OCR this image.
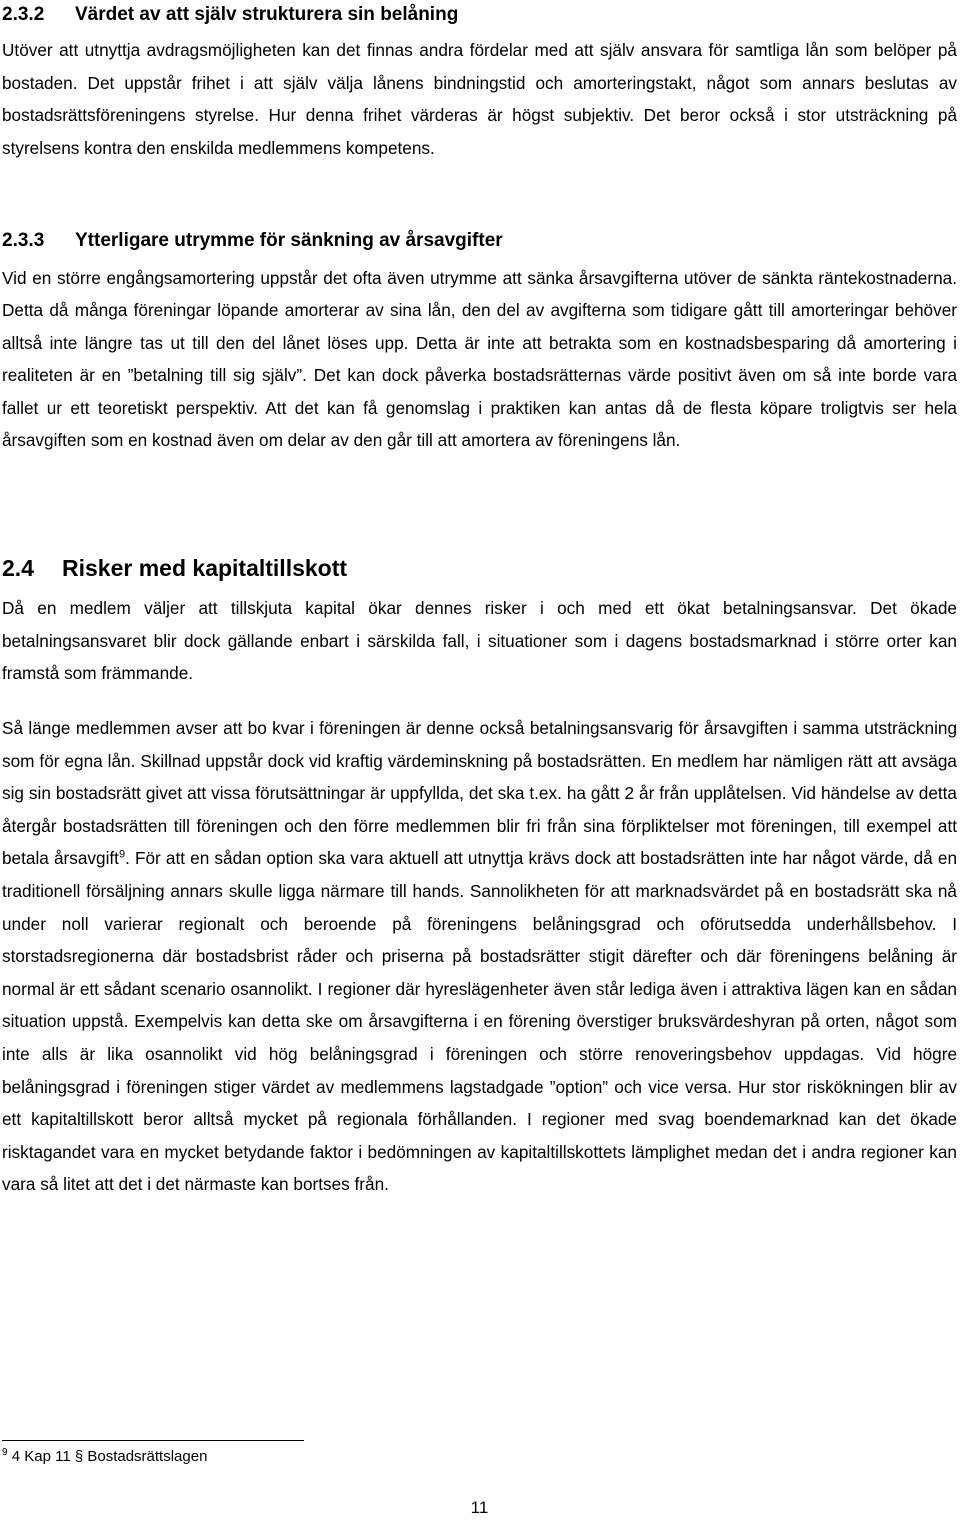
2.3.2 Värdet av att själv strukturera sin belåning

Utöver att utnyttja avdragsmöjligheten kan det finnas andra fördelar med att själv ansvara för samtliga lån som belöper på bostaden. Det uppstår frihet i att själv välja lånens bindningstid och amorteringstakt, något som annars beslutas av bostadsrättsföreningens styrelse. Hur denna frihet värderas är högst subjektiv. Det beror också i stor utsträckning på styrelsens kontra den enskilda medlemmens kompetens.

2.3.3 Ytterligare utrymme för sänkning av årsavgifter

Vid en större engångsamortering uppstår det ofta även utrymme att sänka årsavgifterna utöver de sänkta räntekostnaderna. Detta då många föreningar löpande amorterar av sina lån, den del av avgifterna som tidigare gått till amorteringar behöver alltså inte längre tas ut till den del lånet löses upp. Detta är inte att betrakta som en kostnadsbesparing då amortering i realiteten är en ”betalning till sig själv”. Det kan dock påverka bostadsrätternas värde positivt även om så inte borde vara fallet ur ett teoretiskt perspektiv. Att det kan få genomslag i praktiken kan antas då de flesta köpare troligtvis ser hela årsavgiften som en kostnad även om delar av den går till att amortera av föreningens lån.

2.4 Risker med kapitaltillskott

Då en medlem väljer att tillskjuta kapital ökar dennes risker i och med ett ökat betalningsansvar. Det ökade betalningsansvaret blir dock gällande enbart i särskilda fall, i situationer som i dagens bostadsmarknad i större orter kan framstå som främmande.

Så länge medlemmen avser att bo kvar i föreningen är denne också betalningsansvarig för årsavgiften i samma utsträckning som för egna lån. Skillnad uppstår dock vid kraftig värdeminskning på bostadsrätten. En medlem har nämligen rätt att avsäga sig sin bostadsrätt givet att vissa förutsättningar är uppfyllda, det ska t.ex. ha gått 2 år från upplåtelsen. Vid händelse av detta återgår bostadsrätten till föreningen och den förre medlemmen blir fri från sina förpliktelser mot föreningen, till exempel att betala årsavgift$^9$. För att en sådan option ska vara aktuell att utnyttja krävs dock att bostadsrätten inte har något värde, då en traditionell försäljning annars skulle ligga närmare till hands. Sannolikheten för att marknadsvärdet på en bostadsrätt ska nå under noll varierar regionalt och beroende på föreningens belåningsgrad och oförutsedda underhållsbehov. I storstadsregionerna där bostadsbrist råder och priserna på bostadsrätter stigit därefter och där föreningens belåning är normal är ett sådant scenario osannolikt. I regioner där hyreslägenheter även står lediga även i attraktiva lägen kan en sådan situation uppstå. Exempelvis kan detta ske om årsavgifterna i en förening överstiger bruksvärdeshyran på orten, något som inte alls är lika osannolikt vid hög belåningsgrad i föreningen och större renoveringsbehov uppdagas. Vid högre belåningsgrad i föreningen stiger värdet av medlemmens lagstadgade ”option” och vice versa. Hur stor riskökningen blir av ett kapitaltillskott beror alltså mycket på regionala förhållanden. I regioner med svag boendemarknad kan det ökade risktagandet vara en mycket betydande faktor i bedömningen av kapitaltillskottets lämplighet medan det i andra regioner kan vara så litet att det i det närmaste kan bortses från.

$^9$ 4 Kap 11 § Bostadsrättslagen
11
